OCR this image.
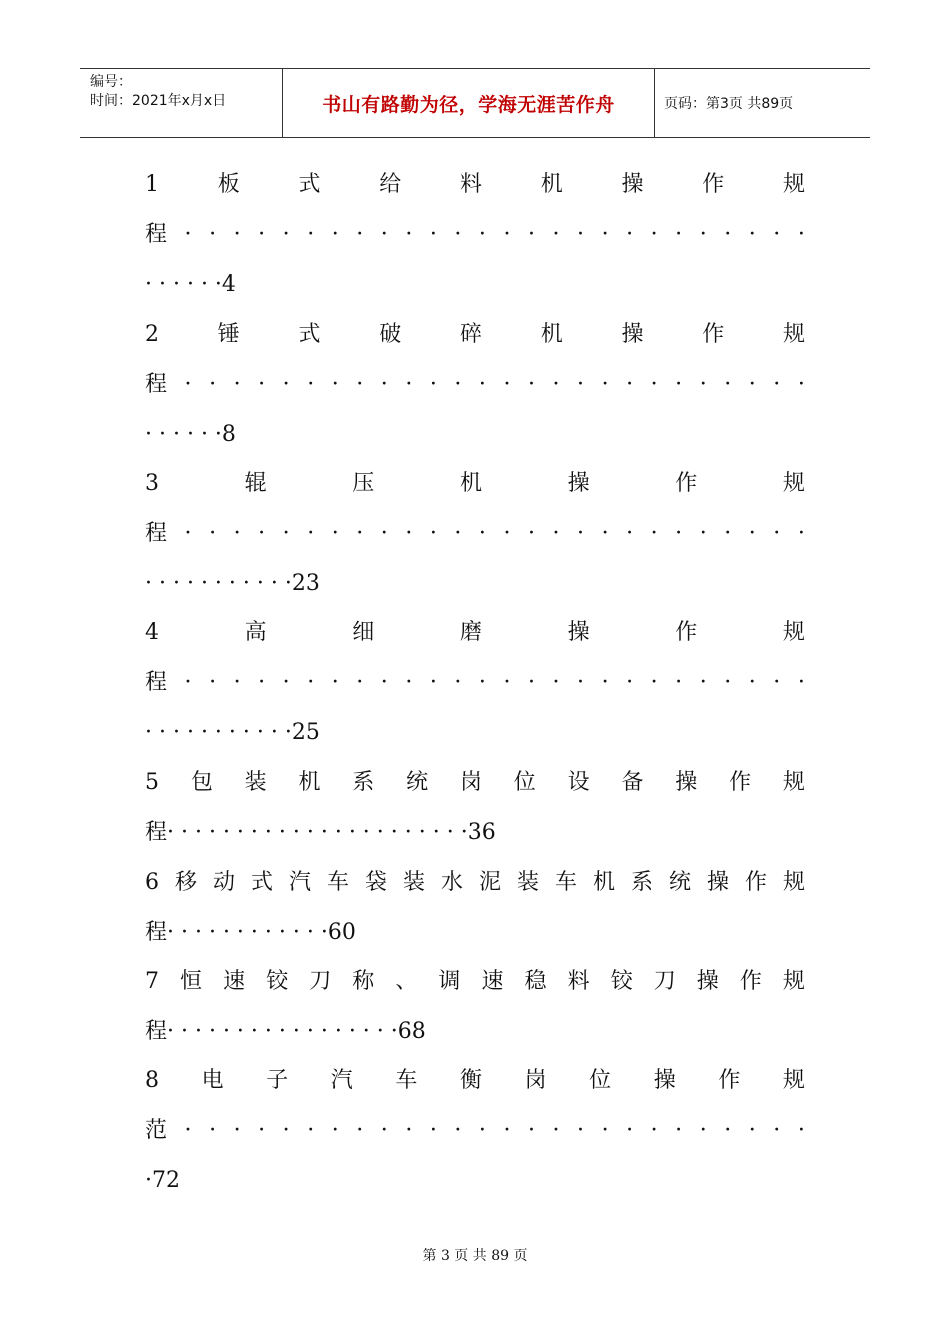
编号：
时间：2021年x月x日	书山有路勤为径，学海无涯苦作舟	页码：第3页 共89页
1	板	式	给	料	机	操	作	规
程 · · · · · · · · · · · · · · · · · · · · · · · · · ·
· · · · · ·4
2	锤	式	破	碎	机	操	作	规
程 · · · · · · · · · · · · · · · · · · · · · · · · · ·
· · · · · ·8
3	辊	压	机	操	作	规
程 · · · · · · · · · · · · · · · · · · · · · · · · · ·
· · · · · · · · · · ·23
4	高	细	磨	操	作	规
程 · · · · · · · · · · · · · · · · · · · · · · · · · ·
· · · · · · · · · · ·25
5 包 装 机 系 统 岗 位 设 备 操 作 规
程· · · · · · · · · · · · · · · · · · · · · ·36
6 移 动 式 汽 车 袋 装 水 泥 装 车 机 系 统 操 作 规
程· · · · · · · · · · · ·60
7 恒 速 铰 刀 称 、 调 速 稳 料 铰 刀 操 作 规
程· · · · · · · · · · · · · · · · ·68
8 电 子 汽 车 衡 岗 位 操 作 规
范 · · · · · · · · · · · · · · · · · · · · · · · · · ·
·72
第 3 页 共 89 页
